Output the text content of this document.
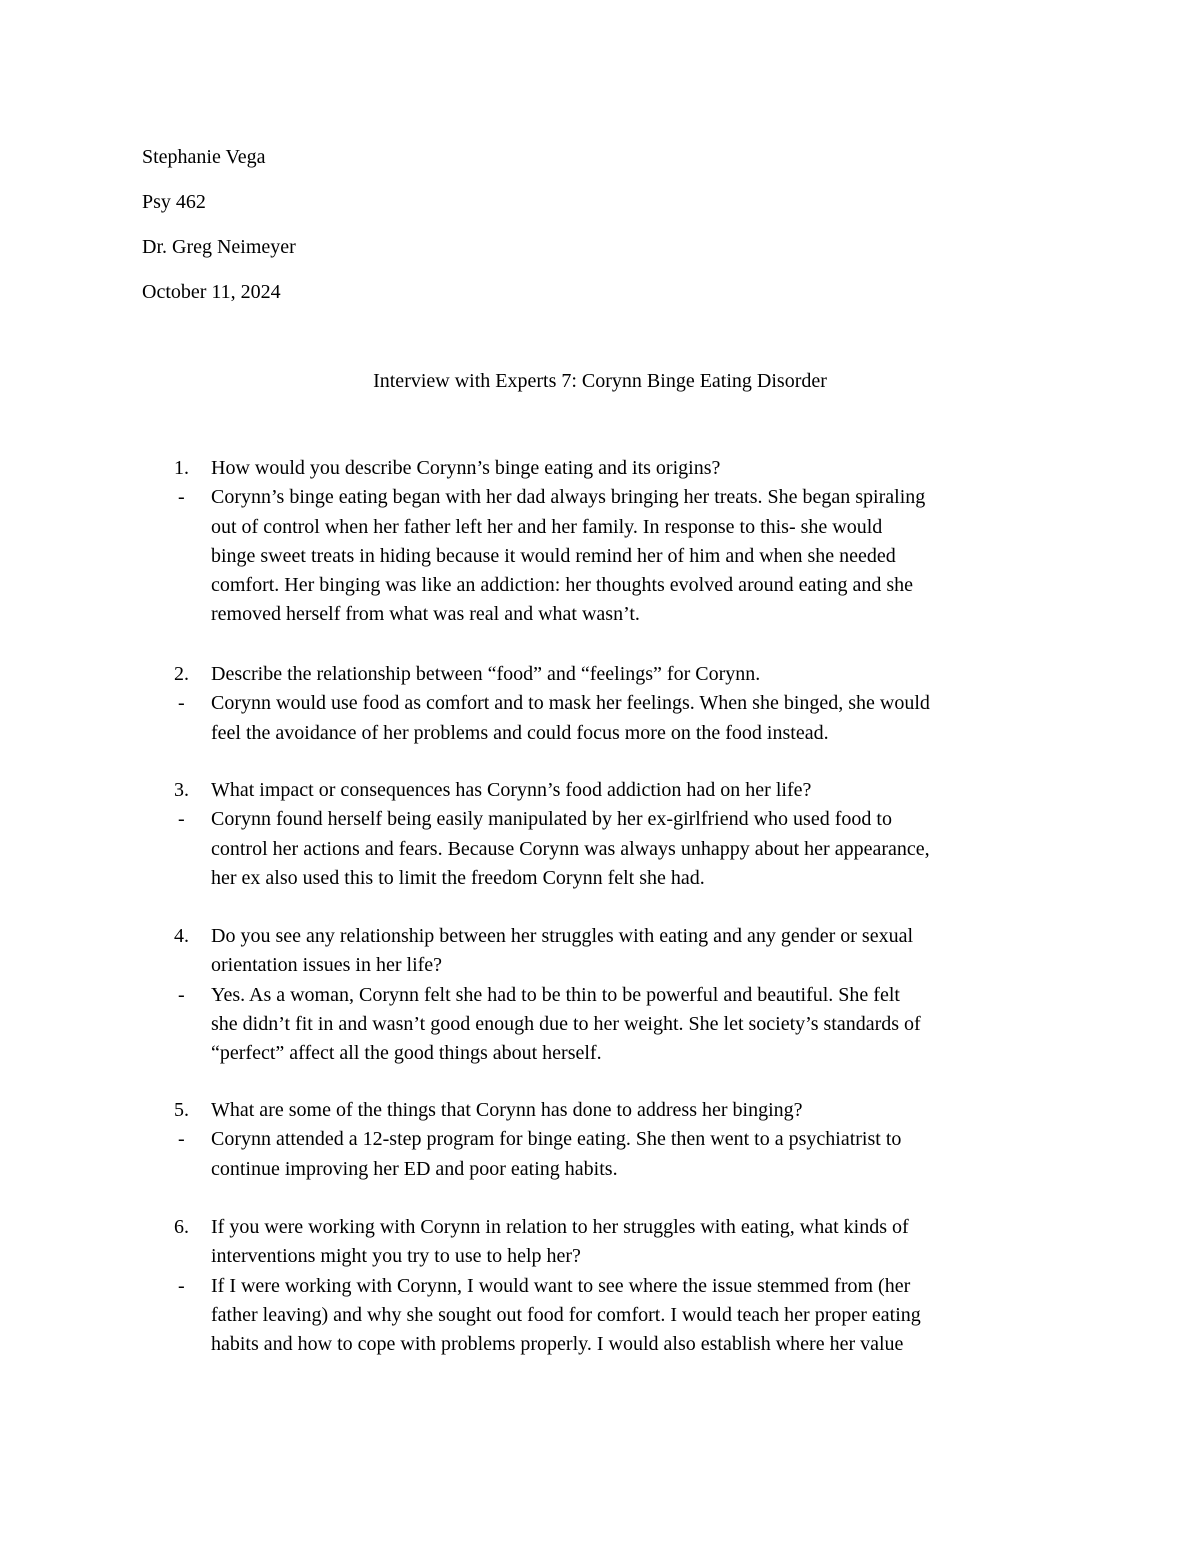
Stephanie Vega
Psy 462
Dr. Greg Neimeyer
October 11, 2024
Interview with Experts 7: Corynn Binge Eating Disorder
1. How would you describe Corynn’s binge eating and its origins?
- Corynn’s binge eating began with her dad always bringing her treats. She began spiraling
out of control when her father left her and her family. In response to this- she would
binge sweet treats in hiding because it would remind her of him and when she needed
comfort. Her binging was like an addiction: her thoughts evolved around eating and she
removed herself from what was real and what wasn’t.
2. Describe the relationship between “food” and “feelings” for Corynn.
- Corynn would use food as comfort and to mask her feelings. When she binged, she would
feel the avoidance of her problems and could focus more on the food instead.
3. What impact or consequences has Corynn’s food addiction had on her life?
- Corynn found herself being easily manipulated by her ex-girlfriend who used food to
control her actions and fears. Because Corynn was always unhappy about her appearance,
her ex also used this to limit the freedom Corynn felt she had.
4. Do you see any relationship between her struggles with eating and any gender or sexual
orientation issues in her life?
- Yes. As a woman, Corynn felt she had to be thin to be powerful and beautiful. She felt
she didn’t fit in and wasn’t good enough due to her weight. She let society’s standards of
“perfect” affect all the good things about herself.
5. What are some of the things that Corynn has done to address her binging?
- Corynn attended a 12-step program for binge eating. She then went to a psychiatrist to
continue improving her ED and poor eating habits.
6. If you were working with Corynn in relation to her struggles with eating, what kinds of
interventions might you try to use to help her?
- If I were working with Corynn, I would want to see where the issue stemmed from (her
father leaving) and why she sought out food for comfort. I would teach her proper eating
habits and how to cope with problems properly. I would also establish where her value
